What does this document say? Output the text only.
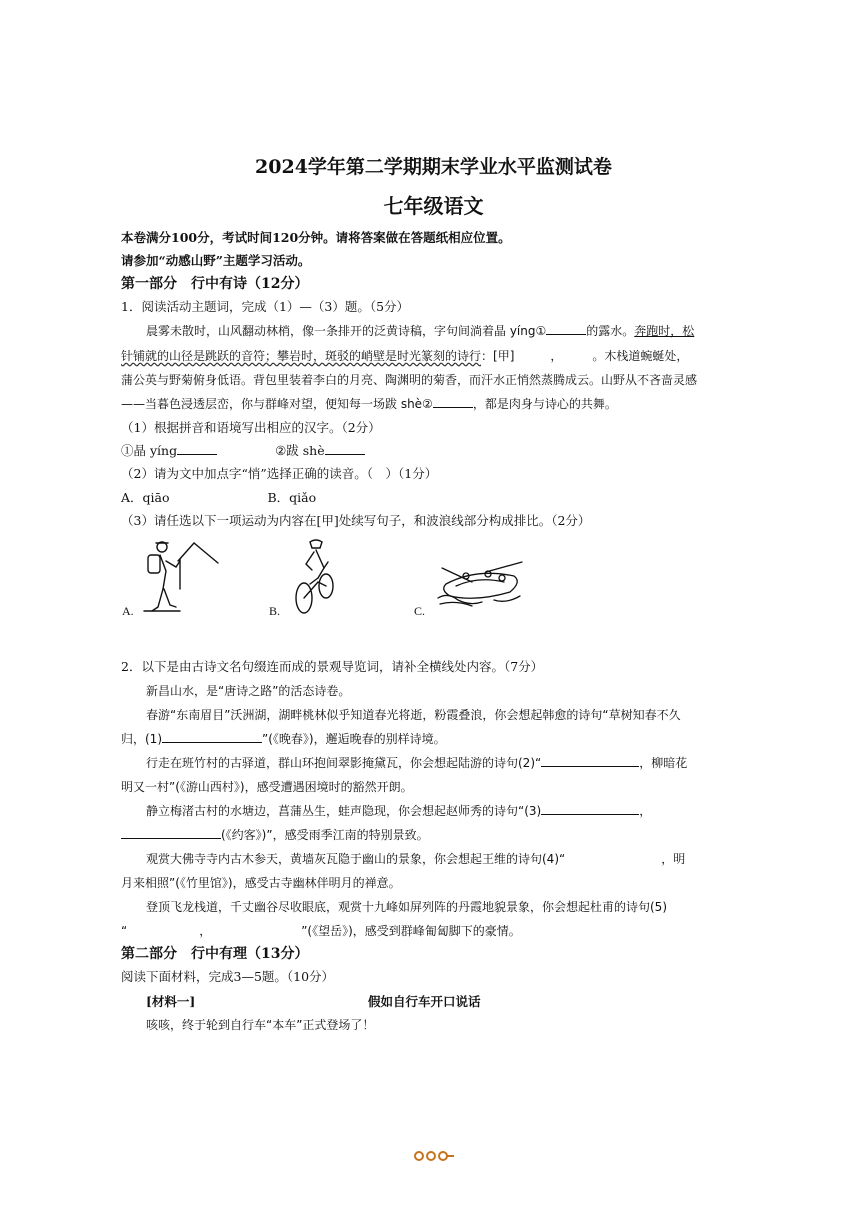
2024学年第二学期期末学业水平监测试卷
七年级语文
本卷满分100分，考试时间120分钟。请将答案做在答题纸相应位置。
请参加“动感山野”主题学习活动。
第一部分　行中有诗（12分）
1．阅读活动主题词，完成（1）—（3）题。（5分）
晨雾未散时，山风翻动林梢，像一条排开的泛黄诗稿，字句间淌着晶 yíng①	的露水。奔跑时，松
针铺就的山径是跳跃的音符；攀岩时，斑驳的峭壁是时光篆刻的诗行：[甲]　　　，　　　。木栈道蜿蜒处，
蒲公英与野菊俯身低语。背包里装着李白的月亮、陶渊明的菊香，而汗水正悄然蒸腾成云。山野从不吝啬灵感
——当暮色浸透层峦，你与群峰对望，便知每一场跋 shè②	，都是肉身与诗心的共舞。
（1）根据拼音和语境写出相应的汉字。（2分）
①晶 yíng	②跋 shè
（2）请为文中加点字“悄”选择正确的读音。（　）（1分）
A．qiāo	B．qiǎo
（3）请任选以下一项运动为内容在[甲]处续写句子，和波浪线部分构成排比。（2分）
A.	B.	C.
2．以下是由古诗文名句缀连而成的景观导览词，请补全横线处内容。（7分）
新昌山水，是“唐诗之路”的活态诗卷。
春游“东南眉目”沃洲湖，湖畔桃林似乎知道春光将逝，粉霞叠浪，你会想起韩愈的诗句“草树知春不久
归，(1)	”(《晚春》)，邂逅晚春的别样诗境。
行走在班竹村的古驿道，群山环抱间翠影掩黛瓦，你会想起陆游的诗句(2)“	，柳暗花
明又一村”(《游山西村》)，感受遭遇困境时的豁然开朗。
静立梅渚古村的水塘边，菖蒲丛生，蛙声隐现，你会想起赵师秀的诗句“(3)	，
(《约客》)”，感受雨季江南的特别景致。
观赏大佛寺寺内古木参天，黄墙灰瓦隐于幽山的景象，你会想起王维的诗句(4)“　　　　　　　　，明
月来相照”(《竹里馆》)，感受古寺幽林伴明月的禅意。
登顶飞龙栈道，千丈幽谷尽收眼底，观赏十九峰如屏列阵的丹霞地貌景象，你会想起杜甫的诗句(5)
“　　　　　　，　　　　　　　　”(《望岳》)，感受到群峰匍匐脚下的豪情。
第二部分　行中有理（13分）
阅读下面材料，完成3—5题。（10分）
[材料一]	假如自行车开口说话
咳咳，终于轮到自行车“本车”正式登场了！
